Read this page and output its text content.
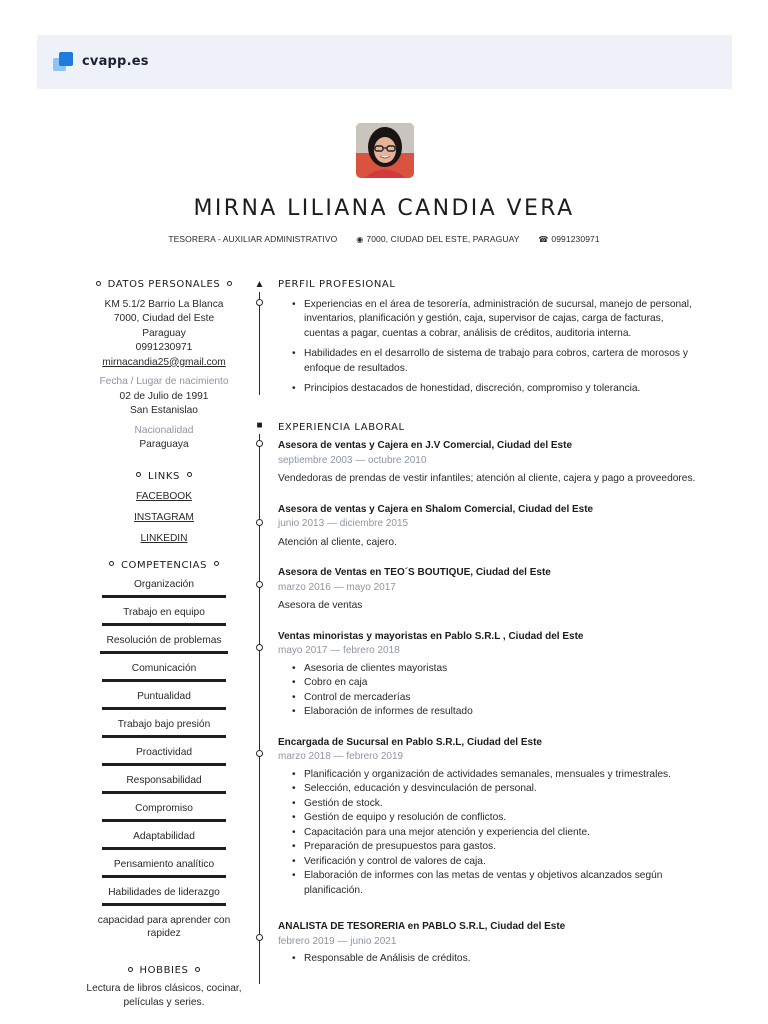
cvapp.es
MIRNA LILIANA CANDIA VERA
TESORERA - AUXILIAR ADMINISTRATIVO ◉ 7000, CIUDAD DEL ESTE, PARAGUAY ☎ 0991230971
DATOS PERSONALES
KM 5.1/2 Barrio La Blanca
7000, Ciudad del Este
Paraguay
0991230971
mirnacandia25@gmail.com
Fecha / Lugar de nacimiento
02 de Julio de 1991
San Estanislao
Nacionalidad
Paraguaya
LINKS
FACEBOOK
INSTAGRAM
LINKEDIN
COMPETENCIAS
Organización
Trabajo en equipo
Resolución de problemas
Comunicación
Puntualidad
Trabajo bajo presión
Proactividad
Responsabilidad
Compromiso
Adaptabilidad
Pensamiento analítico
Habilidades de liderazgo
capacidad para aprender con rapidez
HOBBIES
Lectura de libros clásicos, cocinar, películas y series.
▲
■
PERFIL PROFESIONAL
• Experiencias en el área de tesorería, administración de sucursal, manejo de personal, inventarios, planificación y gestión, caja, supervisor de cajas, carga de facturas, cuentas a pagar, cuentas a cobrar, análisis de créditos, auditoria interna.
• Habilidades en el desarrollo de sistema de trabajo para cobros, cartera de morosos y enfoque de resultados.
• Principios destacados de honestidad, discreción, compromiso y tolerancia.
EXPERIENCIA LABORAL
Asesora de ventas y Cajera en J.V Comercial, Ciudad del Este
septiembre 2003 — octubre 2010
Vendedoras de prendas de vestir infantiles; atención al cliente, cajera y pago a proveedores.
Asesora de ventas y Cajera en Shalom Comercial, Ciudad del Este
junio 2013 — diciembre 2015
Atención al cliente, cajero.
Asesora de Ventas en TEO´S BOUTIQUE, Ciudad del Este
marzo 2016 — mayo 2017
Asesora de ventas
Ventas minoristas y mayoristas en Pablo S.R.L , Ciudad del Este
mayo 2017 — febrero 2018
• Asesoria de clientes mayoristas
• Cobro en caja
• Control de mercaderías
• Elaboración de informes de resultado
Encargada de Sucursal en Pablo S.R.L, Ciudad del Este
marzo 2018 — febrero 2019
• Planificación y organización de actividades semanales, mensuales y trimestrales.
• Selección, educación y desvinculación de personal.
• Gestión de stock.
• Gestión de equipo y resolución de conflictos.
• Capacitación para una mejor atención y experiencia del cliente.
• Preparación de presupuestos para gastos.
• Verificación y control de valores de caja.
• Elaboración de informes con las metas de ventas y objetivos alcanzados según planificación.
ANALISTA DE TESORERIA en PABLO S.R.L, Ciudad del Este
febrero 2019 — junio 2021
• Responsable de Análisis de créditos.
